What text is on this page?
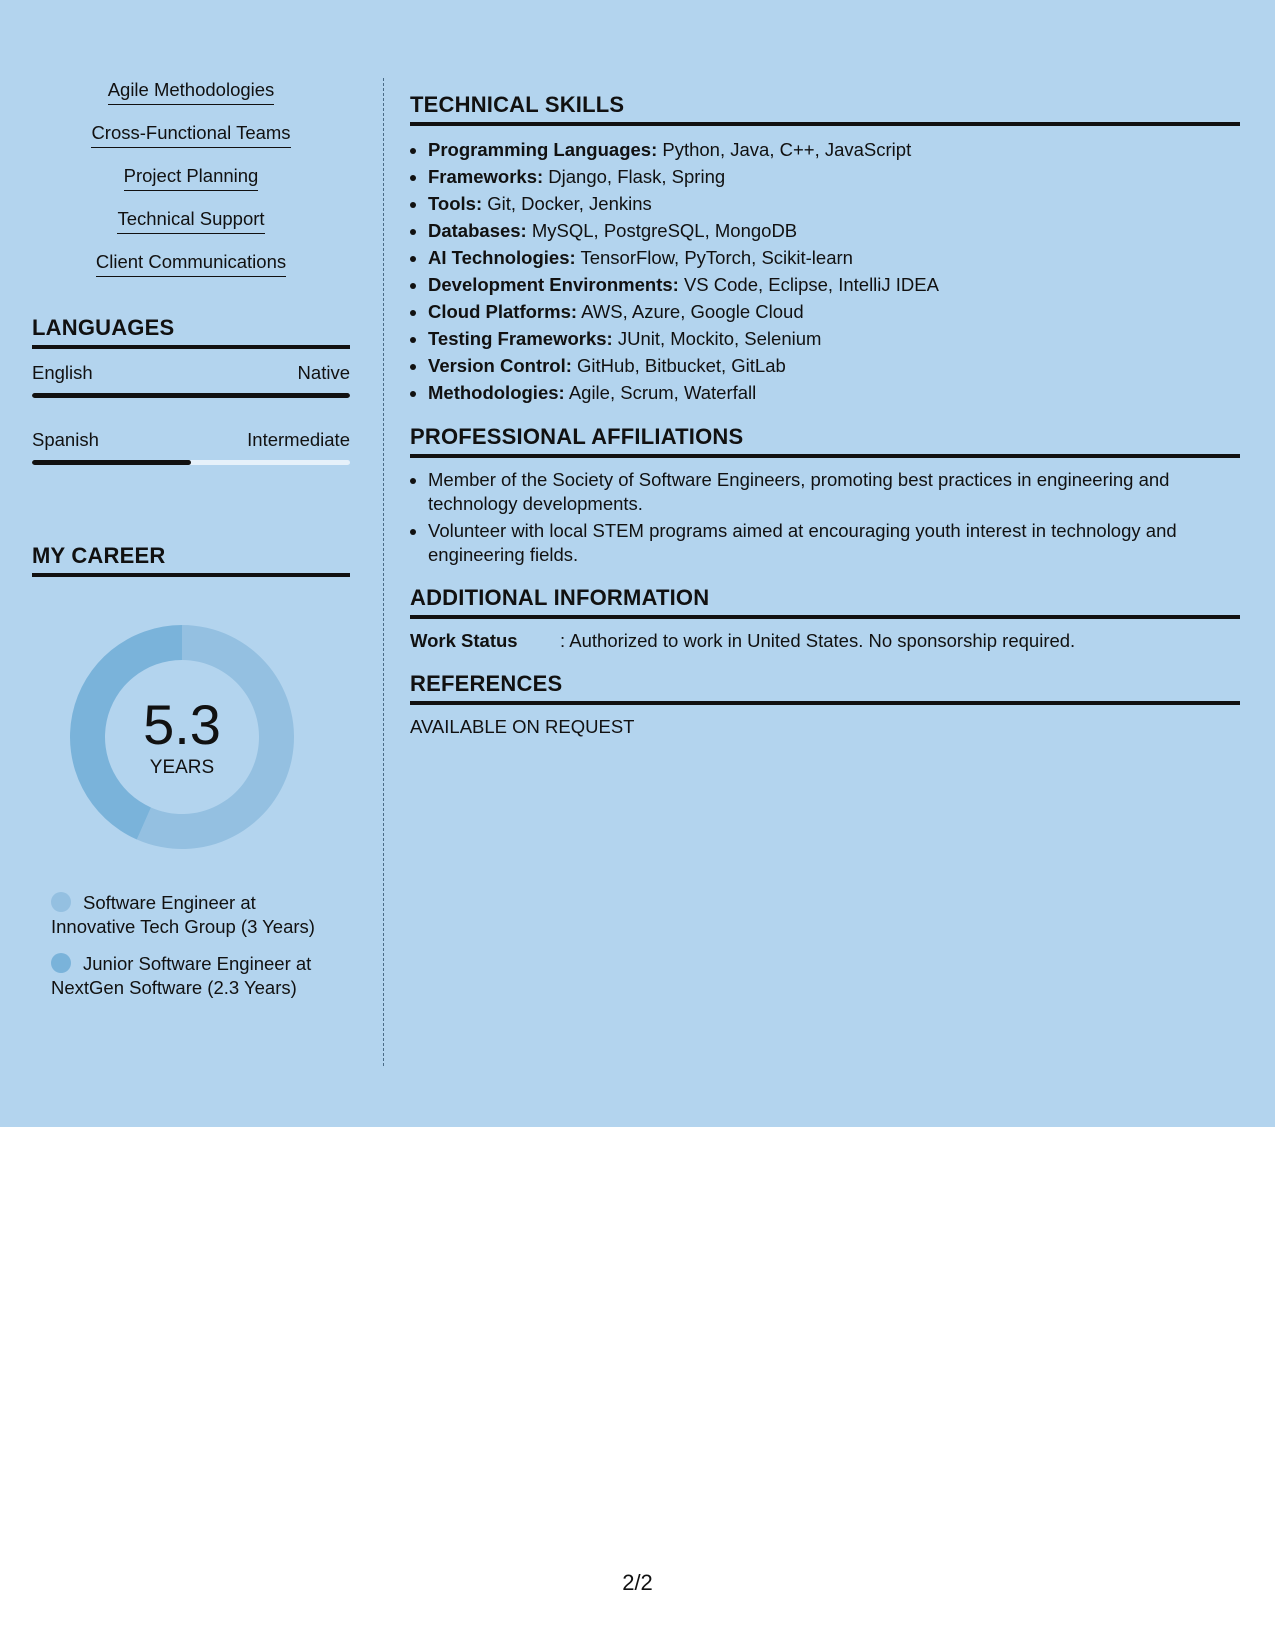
Agile Methodologies
Cross-Functional Teams
Project Planning
Technical Support
Client Communications
LANGUAGES
English	Native
Spanish	Intermediate
MY CAREER
5.3
YEARS
Software Engineer at Innovative Tech Group (3 Years)
Junior Software Engineer at NextGen Software (2.3 Years)
TECHNICAL SKILLS
• Programming Languages: Python, Java, C++, JavaScript
• Frameworks: Django, Flask, Spring
• Tools: Git, Docker, Jenkins
• Databases: MySQL, PostgreSQL, MongoDB
• AI Technologies: TensorFlow, PyTorch, Scikit-learn
• Development Environments: VS Code, Eclipse, IntelliJ IDEA
• Cloud Platforms: AWS, Azure, Google Cloud
• Testing Frameworks: JUnit, Mockito, Selenium
• Version Control: GitHub, Bitbucket, GitLab
• Methodologies: Agile, Scrum, Waterfall
PROFESSIONAL AFFILIATIONS
• Member of the Society of Software Engineers, promoting best practices in engineering and technology developments.
• Volunteer with local STEM programs aimed at encouraging youth interest in technology and engineering fields.
ADDITIONAL INFORMATION
Work Status	: Authorized to work in United States. No sponsorship required.
REFERENCES
AVAILABLE ON REQUEST
2/2
